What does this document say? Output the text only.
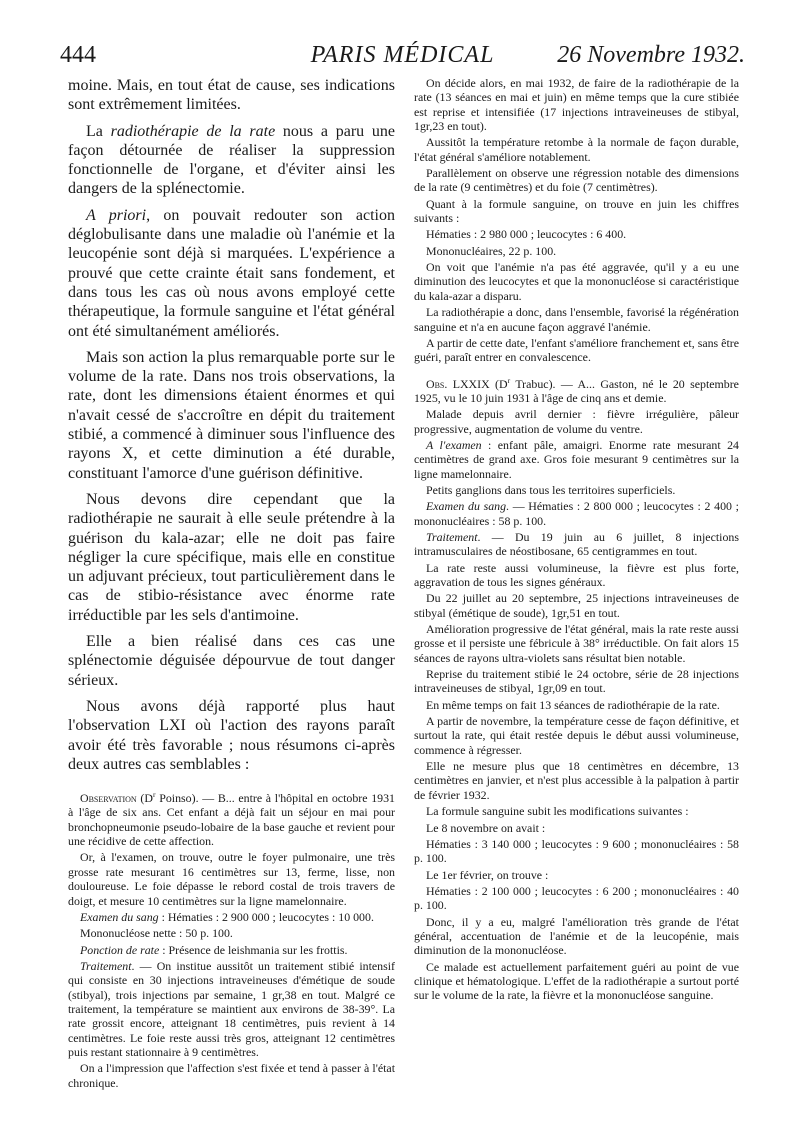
444	PARIS MÉDICAL	26 Novembre 1932.

moine. Mais, en tout état de cause, ses indications sont extrêmement limitées.

La radiothérapie de la rate nous a paru une façon détournée de réaliser la suppression fonctionnelle de l'organe, et d'éviter ainsi les dangers de la splénectomie.

A priori, on pouvait redouter son action déglobulisante dans une maladie où l'anémie et la leucopénie sont déjà si marquées. L'expérience a prouvé que cette crainte était sans fondement, et dans tous les cas où nous avons employé cette thérapeutique, la formule sanguine et l'état général ont été simultanément améliorés.

Mais son action la plus remarquable porte sur le volume de la rate. Dans nos trois observations, la rate, dont les dimensions étaient énormes et qui n'avait cessé de s'accroître en dépit du traitement stibié, a commencé à diminuer sous l'influence des rayons X, et cette diminution a été durable, constituant l'amorce d'une guérison définitive.

Nous devons dire cependant que la radiothérapie ne saurait à elle seule prétendre à la guérison du kala-azar; elle ne doit pas faire négliger la cure spécifique, mais elle en constitue un adjuvant précieux, tout particulièrement dans le cas de stibio-résistance avec énorme rate irréductible par les sels d'antimoine.

Elle a bien réalisé dans ces cas une splénectomie déguisée dépourvue de tout danger sérieux.

Nous avons déjà rapporté plus haut l'observation LXI où l'action des rayons paraît avoir été très favorable ; nous résumons ci-après deux autres cas semblables :

Observation ($D^r$ Poinso). — B... entre à l'hôpital en octobre 1931 à l'âge de six ans. Cet enfant a déjà fait un séjour en mai pour bronchopneumonie pseudo-lobaire de la base gauche et revient pour une récidive de cette affection.

Or, à l'examen, on trouve, outre le foyer pulmonaire, une très grosse rate mesurant 16 centimètres sur 13, ferme, lisse, non douloureuse. Le foie dépasse le rebord costal de trois travers de doigt, et mesure 10 centimètres sur la ligne mamelonnaire.

Examen du sang : Hématies : 2 900 000 ; leucocytes : 10 000.

Mononucléose nette : 50 p. 100.

Ponction de rate : Présence de leishmania sur les frottis.

Traitement. — On institue aussitôt un traitement stibié intensif qui consiste en 30 injections intraveineuses d'émétique de soude (stibyal), trois injections par semaine, 1 gr,38 en tout. Malgré ce traitement, la température se maintient aux environs de 38-39°. La rate grossit encore, atteignant 18 centimètres, puis revient à 14 centimètres. Le foie reste aussi très gros, atteignant 12 centimètres puis restant stationnaire à 9 centimètres.

On a l'impression que l'affection s'est fixée et tend à passer à l'état chronique.

On décide alors, en mai 1932, de faire de la radiothérapie de la rate (13 séances en mai et juin) en même temps que la cure stibiée est reprise et intensifiée (17 injections intraveineuses de stibyal, 1gr,23 en tout).

Aussitôt la température retombe à la normale de façon durable, l'état général s'améliore notablement.

Parallèlement on observe une régression notable des dimensions de la rate (9 centimètres) et du foie (7 centimètres).

Quant à la formule sanguine, on trouve en juin les chiffres suivants :

Hématies : 2 980 000 ; leucocytes : 6 400.

Mononucléaires, 22 p. 100.

On voit que l'anémie n'a pas été aggravée, qu'il y a eu une diminution des leucocytes et que la mononucléose si caractéristique du kala-azar a disparu.

La radiothérapie a donc, dans l'ensemble, favorisé la régénération sanguine et n'a en aucune façon aggravé l'anémie.

A partir de cette date, l'enfant s'améliore franchement et, sans être guéri, paraît entrer en convalescence.

Obs. LXXIX ($D^r$ Trabuc). — A... Gaston, né le 20 septembre 1925, vu le 10 juin 1931 à l'âge de cinq ans et demie.

Malade depuis avril dernier : fièvre irrégulière, pâleur progressive, augmentation de volume du ventre.

A l'examen : enfant pâle, amaigri. Enorme rate mesurant 24 centimètres de grand axe. Gros foie mesurant 9 centimètres sur la ligne mamelonnaire.

Petits ganglions dans tous les territoires superficiels.

Examen du sang. — Hématies : 2 800 000 ; leucocytes : 2 400 ; mononucléaires : 58 p. 100.

Traitement. — Du 19 juin au 6 juillet, 8 injections intramusculaires de néostibosane, 65 centigrammes en tout.

La rate reste aussi volumineuse, la fièvre est plus forte, aggravation de tous les signes généraux.

Du 22 juillet au 20 septembre, 25 injections intraveineuses de stibyal (émétique de soude), 1gr,51 en tout.

Amélioration progressive de l'état général, mais la rate reste aussi grosse et il persiste une fébricule à 38° irréductible. On fait alors 15 séances de rayons ultra-violets sans résultat bien notable.

Reprise du traitement stibié le 24 octobre, série de 28 injections intraveineuses de stibyal, 1gr,09 en tout.

En même temps on fait 13 séances de radiothérapie de la rate.

A partir de novembre, la température cesse de façon définitive, et surtout la rate, qui était restée depuis le début aussi volumineuse, commence à régresser.

Elle ne mesure plus que 18 centimètres en décembre, 13 centimètres en janvier, et n'est plus accessible à la palpation à partir de février 1932.

La formule sanguine subit les modifications suivantes :

Le 8 novembre on avait :

Hématies : 3 140 000 ; leucocytes : 9 600 ; mononucléaires : 58 p. 100.

Le 1er février, on trouve :

Hématies : 2 100 000 ; leucocytes : 6 200 ; mononucléaires : 40 p. 100.

Donc, il y a eu, malgré l'amélioration très grande de l'état général, accentuation de l'anémie et de la leucopénie, mais diminution de la mononucléose.

Ce malade est actuellement parfaitement guéri au point de vue clinique et hématologique. L'effet de la radiothérapie a surtout porté sur le volume de la rate, la fièvre et la mononucléose sanguine.
